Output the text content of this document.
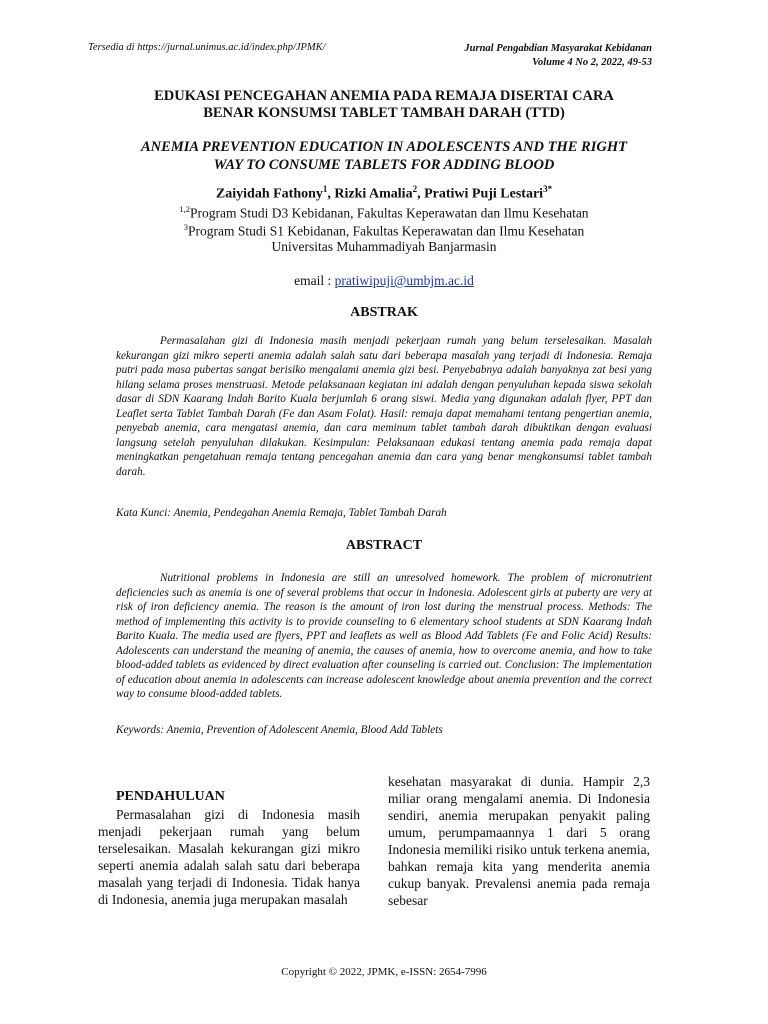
Tersedia di https://jurnal.unimus.ac.id/index.php/JPMK/	Jurnal Pengabdian Masyarakat Kebidanan
Volume 4 No 2, 2022, 49-53
EDUKASI PENCEGAHAN ANEMIA PADA REMAJA DISERTAI CARA
BENAR KONSUMSI TABLET TAMBAH DARAH (TTD)
ANEMIA PREVENTION EDUCATION IN ADOLESCENTS AND THE RIGHT
WAY TO CONSUME TABLETS FOR ADDING BLOOD
Zaiyidah Fathony$^1$, Rizki Amalia$^2$, Pratiwi Puji Lestari$^{3*}$
$^{1,2}$Program Studi D3 Kebidanan, Fakultas Keperawatan dan Ilmu Kesehatan
$^3$Program Studi S1 Kebidanan, Fakultas Keperawatan dan Ilmu Kesehatan
Universitas Muhammadiyah Banjarmasin
email : pratiwipuji@umbjm.ac.id
ABSTRAK

Permasalahan gizi di Indonesia masih menjadi pekerjaan rumah yang belum terselesaikan. Masalah kekurangan gizi mikro seperti anemia adalah salah satu dari beberapa masalah yang terjadi di Indonesia. Remaja putri pada masa pubertas sangat berisiko mengalami anemia gizi besi. Penyebabnya adalah banyaknya zat besi yang hilang selama proses menstruasi. Metode pelaksanaan kegiatan ini adalah dengan penyuluhan kepada siswa sekolah dasar di SDN Kaarang Indah Barito Kuala berjumlah 6 orang siswi. Media yang digunakan adalah flyer, PPT dan Leaflet serta Tablet Tambah Darah (Fe dan Asam Folat). Hasil: remaja dapat memahami tentang pengertian anemia, penyebab anemia, cara mengatasi anemia, dan cara meminum tablet tambah darah dibuktikan dengan evaluasi langsung setelah penyuluhan dilakukan. Kesimpulan: Pelaksanaan edukasi tentang anemia pada remaja dapat meningkatkan pengetahuan remaja tentang pencegahan anemia dan cara yang benar mengkonsumsi tablet tambah darah.

Kata Kunci: Anemia, Pendegahan Anemia Remaja, Tablet Tambah Darah
ABSTRACT

Nutritional problems in Indonesia are still an unresolved homework. The problem of micronutrient deficiencies such as anemia is one of several problems that occur in Indonesia. Adolescent girls at puberty are very at risk of iron deficiency anemia. The reason is the amount of iron lost during the menstrual process. Methods: The method of implementing this activity is to provide counseling to 6 elementary school students at SDN Kaarang Indah Barito Kuala. The media used are flyers, PPT and leaflets as well as Blood Add Tablets (Fe and Folic Acid) Results: Adolescents can understand the meaning of anemia, the causes of anemia, how to overcome anemia, and how to take blood-added tablets as evidenced by direct evaluation after counseling is carried out. Conclusion: The implementation of education about anemia in adolescents can increase adolescent knowledge about anemia prevention and the correct way to consume blood-added tablets.

Keywords: Anemia, Prevention of Adolescent Anemia, Blood Add Tablets
PENDAHULUAN

Permasalahan gizi di Indonesia masih menjadi pekerjaan rumah yang belum terselesaikan. Masalah kekurangan gizi mikro seperti anemia adalah salah satu dari beberapa masalah yang terjadi di Indonesia. Tidak hanya di Indonesia, anemia juga merupakan masalah

kesehatan masyarakat di dunia. Hampir 2,3 miliar orang mengalami anemia. Di Indonesia sendiri, anemia merupakan penyakit paling umum, perumpamaannya 1 dari 5 orang Indonesia memiliki risiko untuk terkena anemia, bahkan remaja kita yang menderita anemia cukup banyak. Prevalensi anemia pada remaja sebesar

Copyright © 2022, JPMK, e-ISSN: 2654-7996
